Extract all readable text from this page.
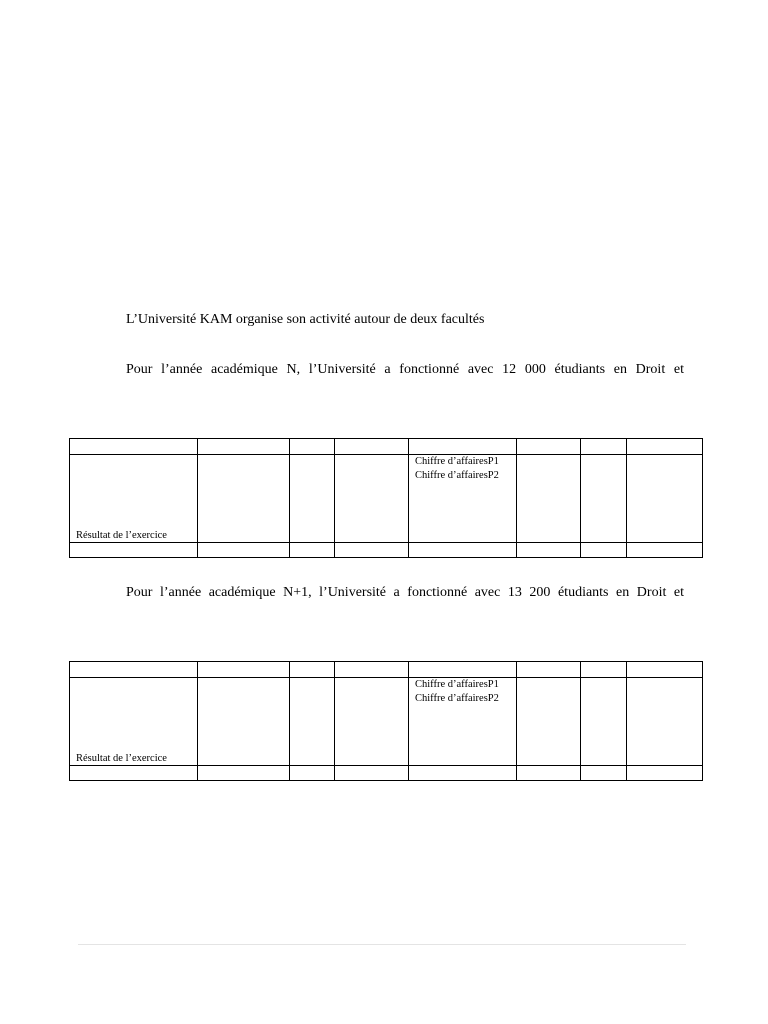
L’Université KAM organise son activité autour de deux facultés
Pour l’année académique N, l’Université a fonctionné avec 12 000 étudiants en Droit et

Résultat de l’exercice				Chiffre d’affairesP1
Chiffre d’affairesP2			

Pour l’année académique N+1, l’Université a fonctionné avec 13 200 étudiants en Droit et

Résultat de l’exercice				Chiffre d’affairesP1
Chiffre d’affairesP2			
